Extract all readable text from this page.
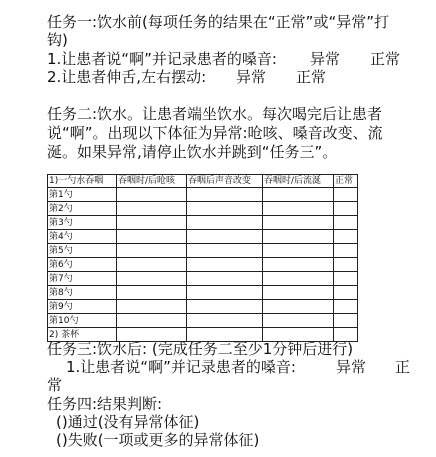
任务一:饮水前(每项任务的结果在“正常”或“异常”打
钩)
1.让患者说“啊”并记录患者的嗓音: 异常 正常
2.让患者伸舌,左右摆动: 异常 正常
任务二:饮水。让患者端坐饮水。每次喝完后让患者
说“啊”。出现以下体征为异常:呛咳、嗓音改变、流
涎。如果异常,请停止饮水并跳到“任务三”。
1)一勺水吞咽	吞咽时/后呛咳	吞咽后声音改变	吞咽时/后流涎	正常
第1勺				
第2勺				
第3勺				
第4勺				
第5勺				
第6勺				
第7勺				
第8勺				
第9勺				
第10勺				
2) 茶杯				
任务三:饮水后: (完成任务二至少1分钟后进行)
1.让患者说“啊”并记录患者的嗓音:	异常 正
常
任务四:结果判断:
()通过(没有异常体征)
()失败(一项或更多的异常体征)
